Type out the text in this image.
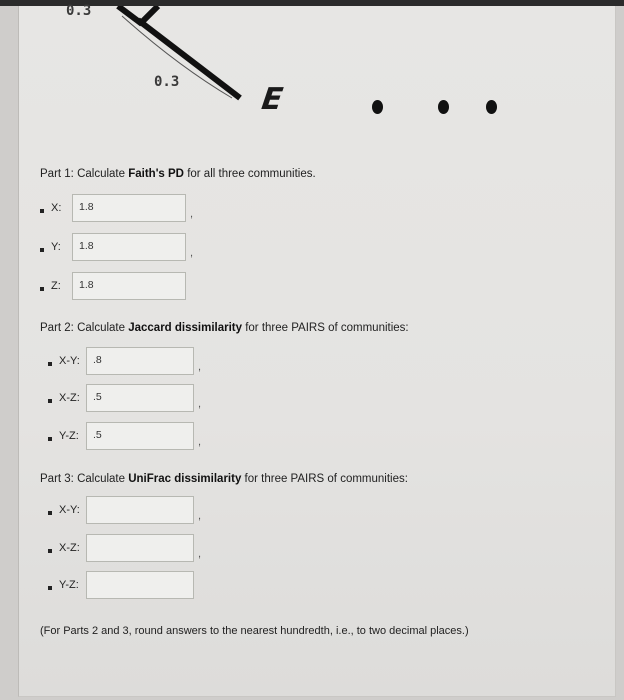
0.3
0.3	E
Part 1: Calculate Faith's PD for all three communities.
X:	1.8
,
Y:	1.8
,
Z:	1.8
Part 2: Calculate Jaccard dissimilarity for three PAIRS of communities:
X-Y:	.8
,
X-Z:	.5
,
Y-Z:	.5
,
Part 3: Calculate UniFrac dissimilarity for three PAIRS of communities:
X-Y:	,
X-Z:	,
Y-Z:
(For Parts 2 and 3, round answers to the nearest hundredth, i.e., to two decimal places.)
